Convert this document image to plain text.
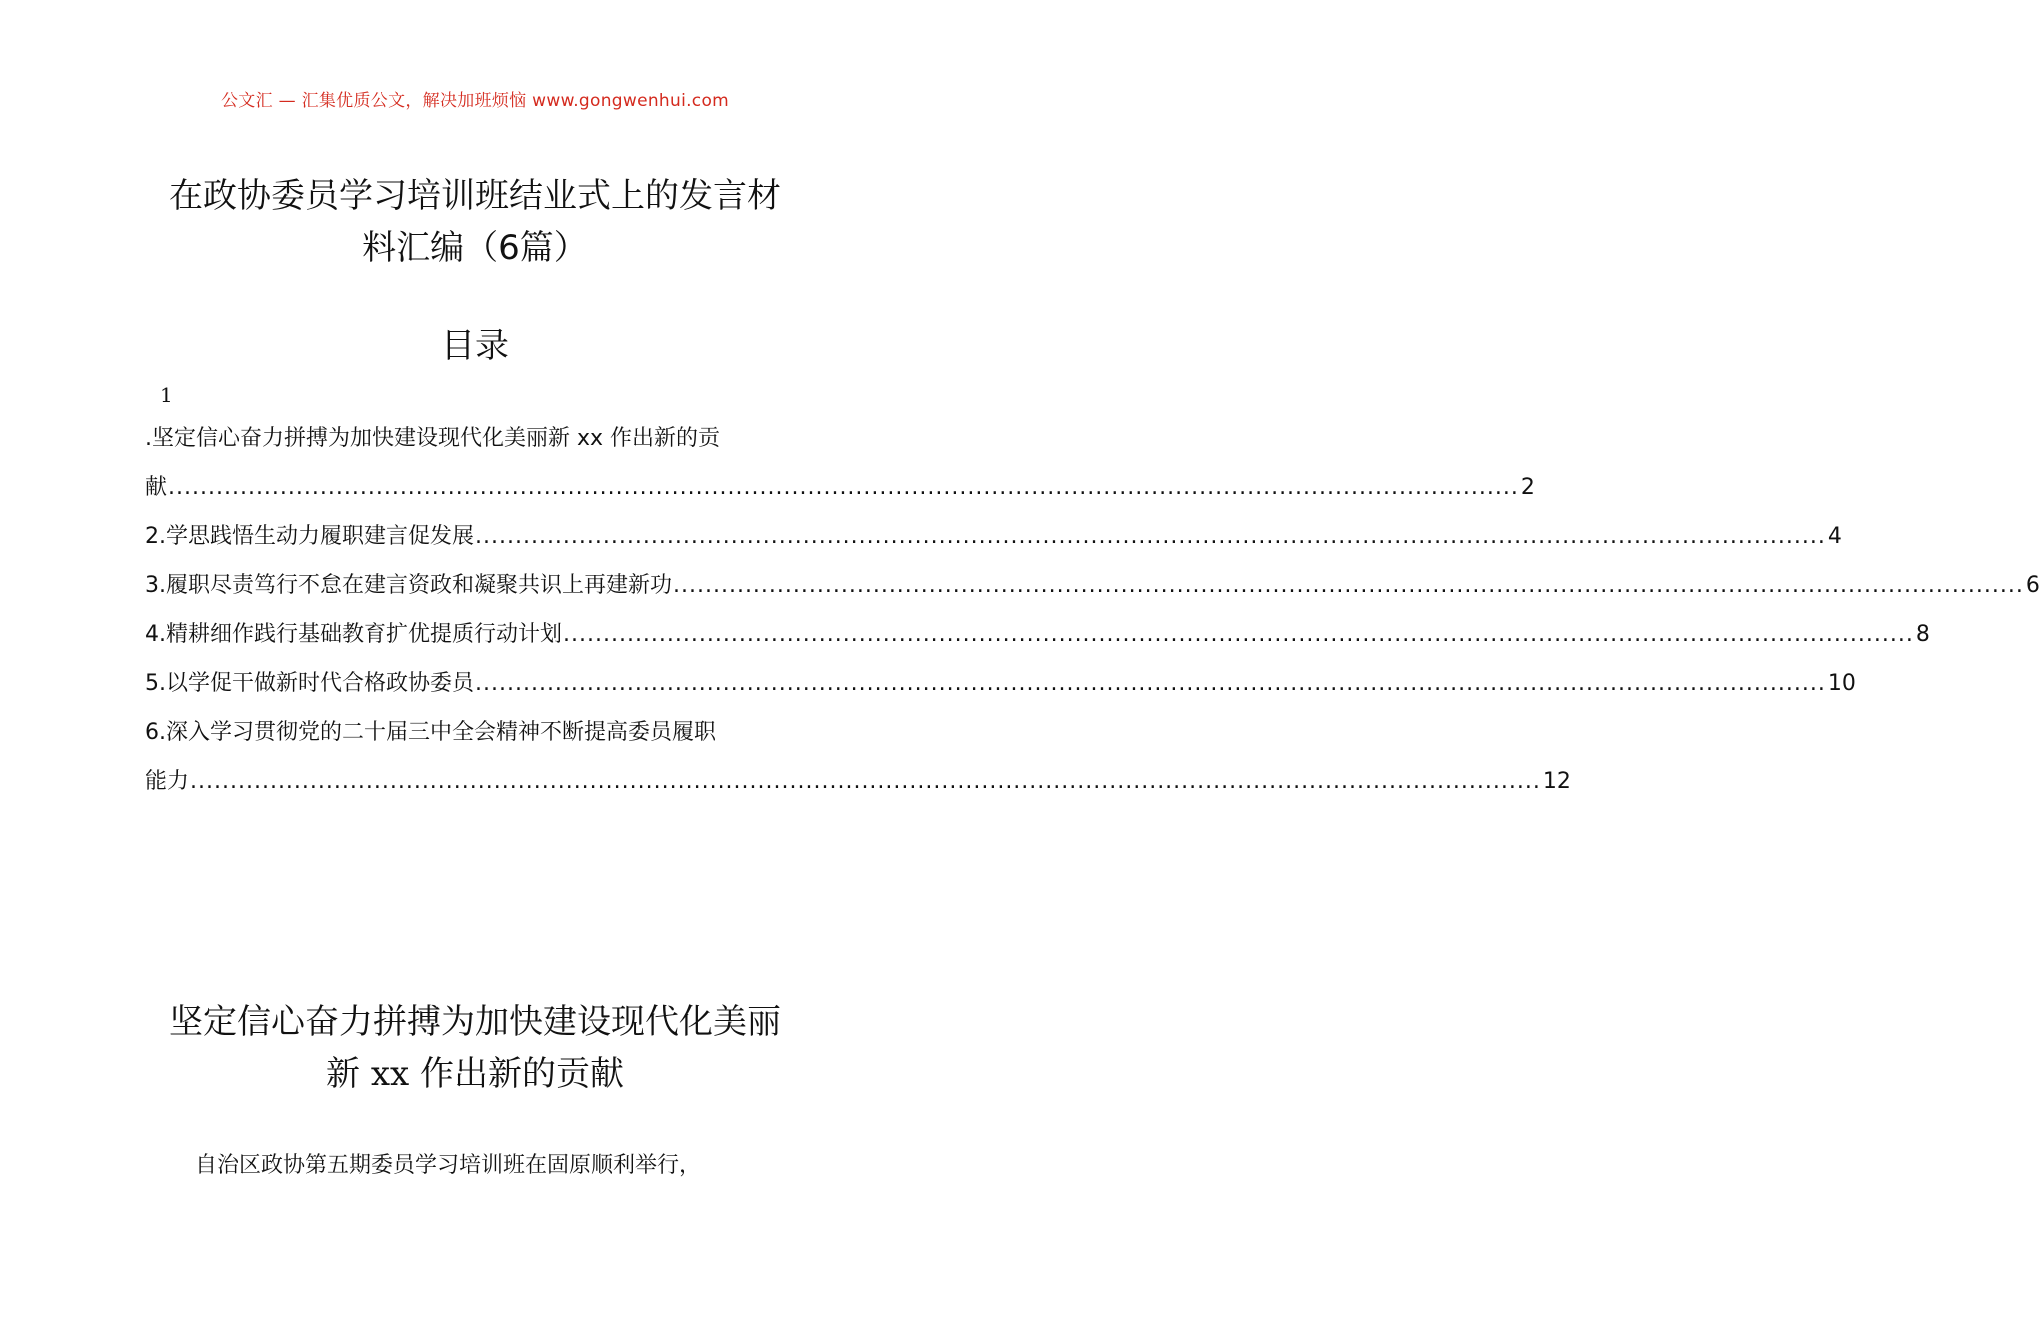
公文汇 — 汇集优质公文，解决加班烦恼 www.gongwenhui.com
在政协委员学习培训班结业式上的发言材
料汇编（6篇）
目录
1
.坚定信心奋力拼搏为加快建设现代化美丽新 xx 作出新的贡
献 ......................................................................................................................................................................... 2
2.学思践悟生动力履职建言促发展 ......................................................................................................................................................................... 4
3.履职尽责笃行不怠在建言资政和凝聚共识上再建新功 ......................................................................................................................................................................... 6
4.精耕细作践行基础教育扩优提质行动计划 ......................................................................................................................................................................... 8
5.以学促干做新时代合格政协委员 ......................................................................................................................................................................... 10
6.深入学习贯彻党的二十届三中全会精神不断提高委员履职
能力 ......................................................................................................................................................................... 12
坚定信心奋力拼搏为加快建设现代化美丽
新 xx 作出新的贡献
自治区政协第五期委员学习培训班在固原顺利举行，
